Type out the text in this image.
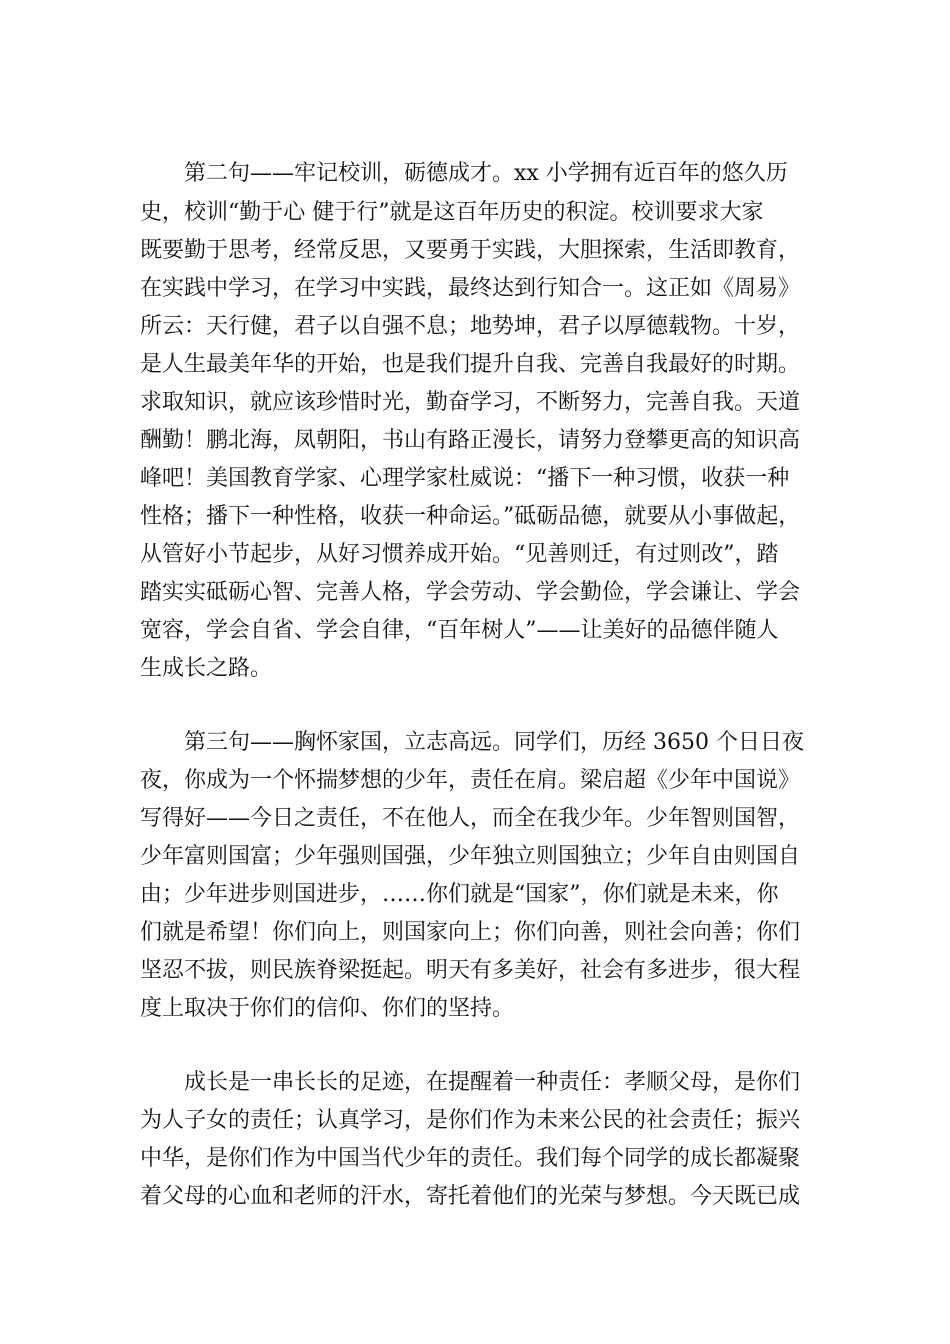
第二句——牢记校训，砺德成才。xx 小学拥有近百年的悠久历
史，校训“勤于心 健于行”就是这百年历史的积淀。校训要求大家
既要勤于思考，经常反思，又要勇于实践，大胆探索，生活即教育，
在实践中学习，在学习中实践，最终达到行知合一。这正如《周易》
所云：天行健，君子以自强不息；地势坤，君子以厚德载物。十岁，
是人生最美年华的开始，也是我们提升自我、完善自我最好的时期。
求取知识，就应该珍惜时光，勤奋学习，不断努力，完善自我。天道
酬勤！鹏北海，凤朝阳，书山有路正漫长，请努力登攀更高的知识高
峰吧！美国教育学家、心理学家杜威说：“播下一种习惯，收获一种
性格；播下一种性格，收获一种命运。”砥砺品德，就要从小事做起，
从管好小节起步，从好习惯养成开始。“见善则迁，有过则改”，踏
踏实实砥砺心智、完善人格，学会劳动、学会勤俭，学会谦让、学会
宽容，学会自省、学会自律，“百年树人”——让美好的品德伴随人
生成长之路。
第三句——胸怀家国，立志高远。同学们，历经 3650 个日日夜
夜，你成为一个怀揣梦想的少年，责任在肩。梁启超《少年中国说》
写得好——今日之责任，不在他人，而全在我少年。少年智则国智，
少年富则国富；少年强则国强，少年独立则国独立；少年自由则国自
由；少年进步则国进步，……你们就是“国家”，你们就是未来，你
们就是希望！你们向上，则国家向上；你们向善，则社会向善；你们
坚忍不拔，则民族脊梁挺起。明天有多美好，社会有多进步，很大程
度上取决于你们的信仰、你们的坚持。
成长是一串长长的足迹，在提醒着一种责任：孝顺父母，是你们
为人子女的责任；认真学习，是你们作为未来公民的社会责任；振兴
中华，是你们作为中国当代少年的责任。我们每个同学的成长都凝聚
着父母的心血和老师的汗水，寄托着他们的光荣与梦想。今天既已成
